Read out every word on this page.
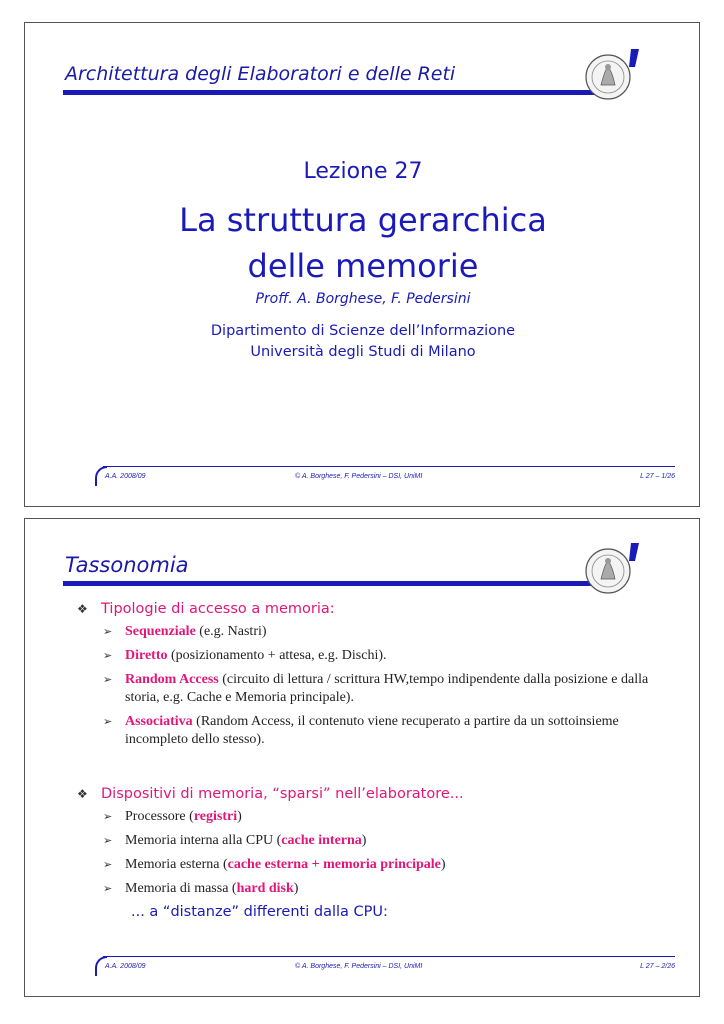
Architettura degli Elaboratori e delle Reti
Lezione 27
La struttura gerarchica
delle memorie
Proff. A. Borghese, F. Pedersini
Dipartimento di Scienze dell’Informazione
Università degli Studi di Milano
A.A. 2008/09	© A. Borghese, F. Pedersini – DSI, UniMI	L 27 – 1/26
Tassonomia
❖ Tipologie di accesso a memoria:
➢ Sequenziale (e.g. Nastri)
➢ Diretto (posizionamento + attesa, e.g. Dischi).
➢ Random Access (circuito di lettura / scrittura HW,tempo indipendente dalla posizione e dalla storia, e.g. Cache e Memoria principale).
➢ Associativa (Random Access, il contenuto viene recuperato a partire da un sottoinsieme incompleto dello stesso).
❖ Dispositivi di memoria, “sparsi” nell’elaboratore...
➢ Processore (registri)
➢ Memoria interna alla CPU (cache interna)
➢ Memoria esterna (cache esterna + memoria principale)
➢ Memoria di massa (hard disk)
... a “distanze” differenti dalla CPU:
A.A. 2008/09	© A. Borghese, F. Pedersini – DSI, UniMI	L 27 – 2/26
